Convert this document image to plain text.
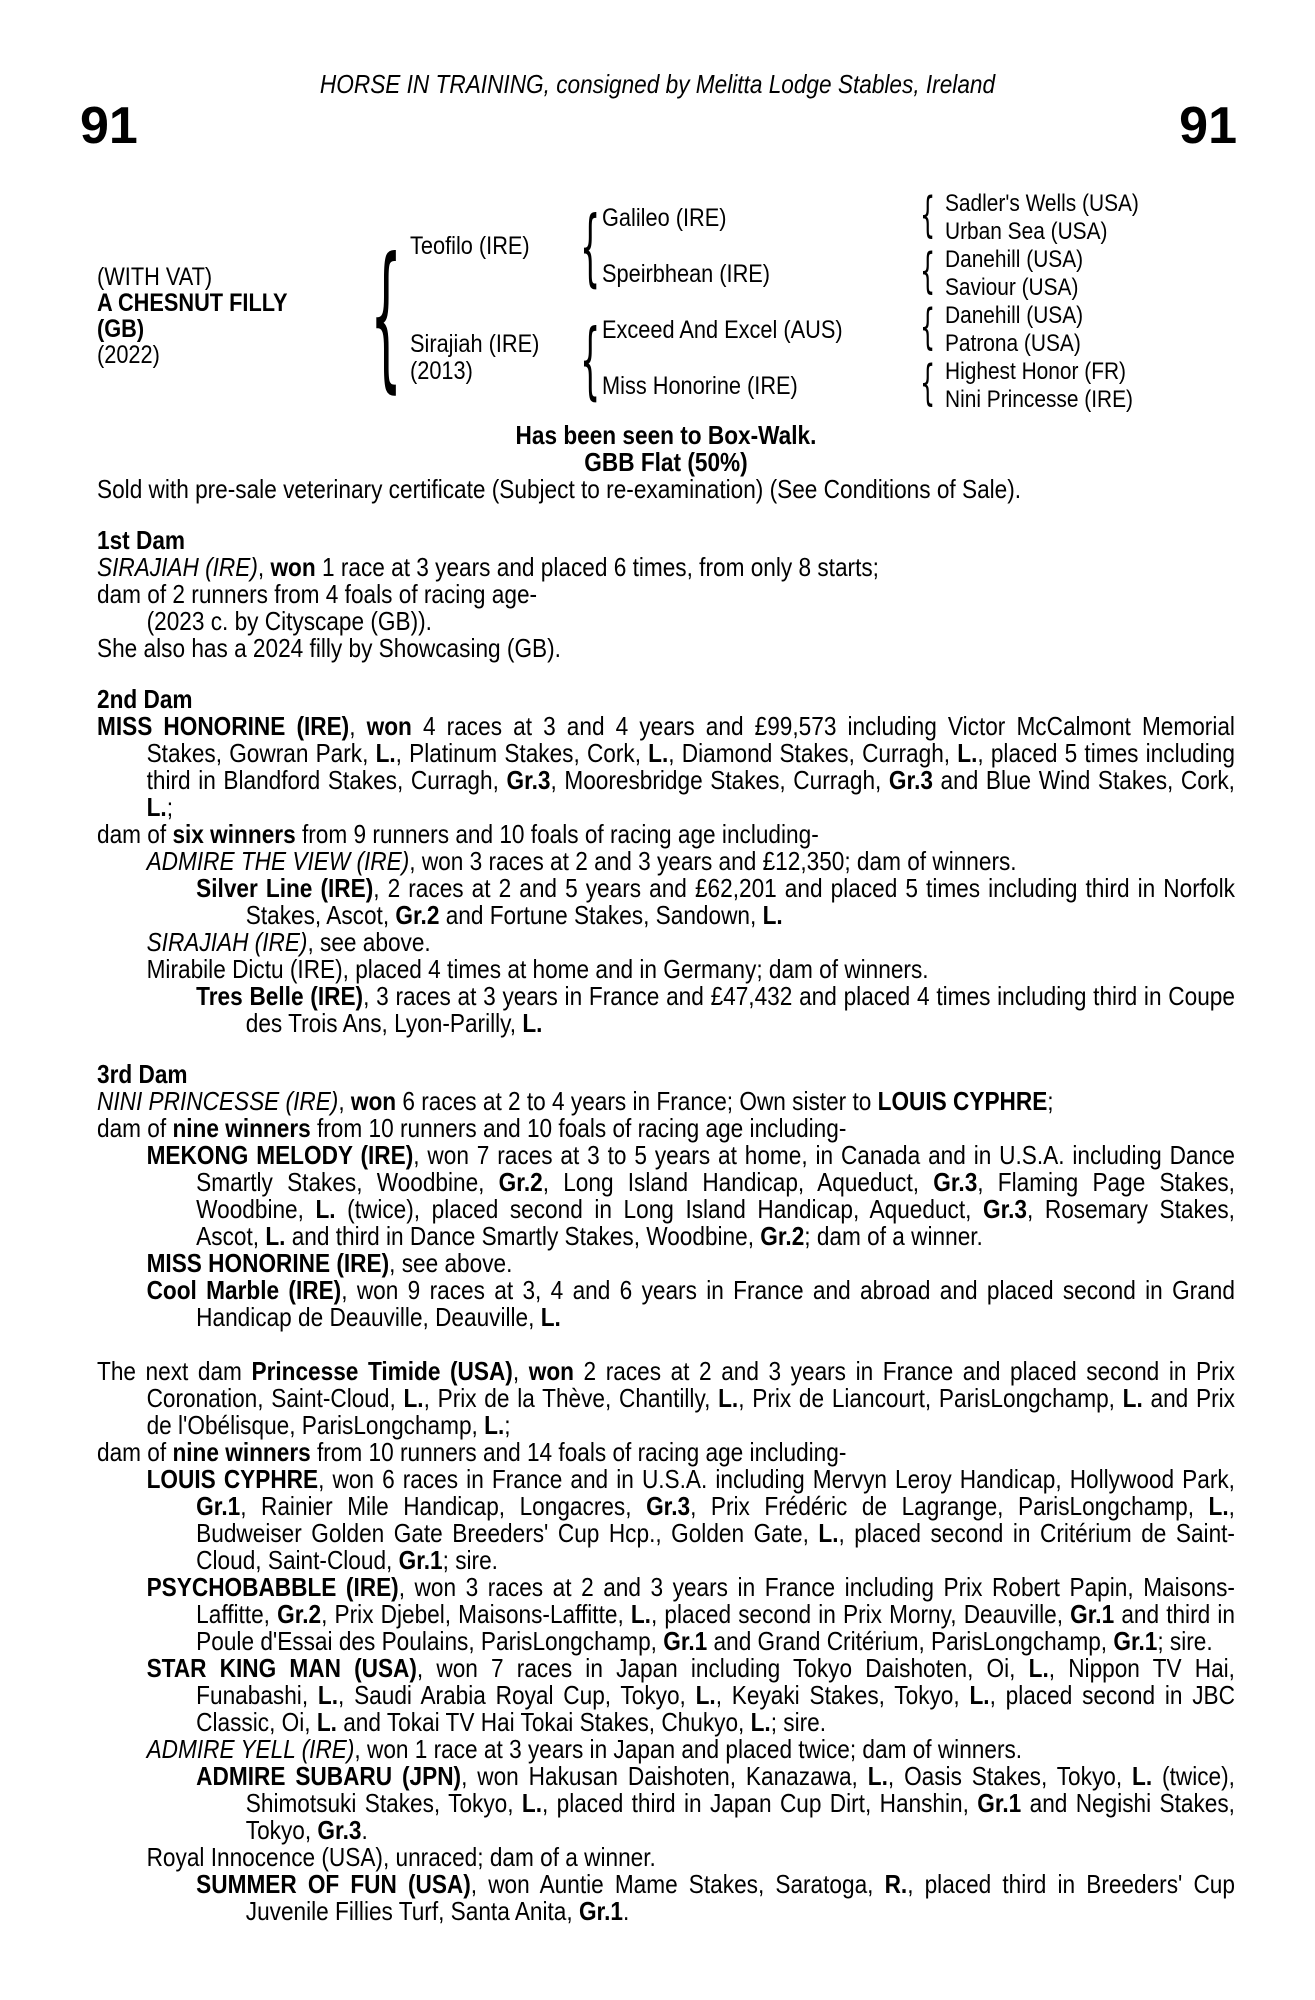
HORSE IN TRAINING, consigned by Melitta Lodge Stables, Ireland
91	91
(WITH VAT)
A CHESNUT FILLY
(GB)
(2022)
{
Teofilo (IRE)
Sirajiah (IRE)
(2013)
{
{
Galileo (IRE)
Speirbhean (IRE)
Exceed And Excel (AUS)
Miss Honorine (IRE)
{
{
{
{
Sadler's Wells (USA)
Urban Sea (USA)
Danehill (USA)
Saviour (USA)
Danehill (USA)
Patrona (USA)
Highest Honor (FR)
Nini Princesse (IRE)
Has been seen to Box-Walk.
GBB Flat (50%)
Sold with pre-sale veterinary certificate (Subject to re-examination) (See Conditions of Sale).
1st Dam
SIRAJIAH (IRE), won 1 race at 3 years and placed 6 times, from only 8 starts;
dam of 2 runners from 4 foals of racing age-
(2023 c. by Cityscape (GB)).
She also has a 2024 filly by Showcasing (GB).
2nd Dam
MISS HONORINE (IRE), won 4 races at 3 and 4 years and £99,573 including Victor McCalmont Memorial Stakes, Gowran Park, L., Platinum Stakes, Cork, L., Diamond Stakes, Curragh, L., placed 5 times including third in Blandford Stakes, Curragh, Gr.3, Mooresbridge Stakes, Curragh, Gr.3 and Blue Wind Stakes, Cork, L.;
dam of six winners from 9 runners and 10 foals of racing age including-
ADMIRE THE VIEW (IRE), won 3 races at 2 and 3 years and £12,350; dam of winners.
Silver Line (IRE), 2 races at 2 and 5 years and £62,201 and placed 5 times including third in Norfolk Stakes, Ascot, Gr.2 and Fortune Stakes, Sandown, L.
SIRAJIAH (IRE), see above.
Mirabile Dictu (IRE), placed 4 times at home and in Germany; dam of winners.
Tres Belle (IRE), 3 races at 3 years in France and £47,432 and placed 4 times including third in Coupe des Trois Ans, Lyon-Parilly, L.
3rd Dam
NINI PRINCESSE (IRE), won 6 races at 2 to 4 years in France; Own sister to LOUIS CYPHRE;
dam of nine winners from 10 runners and 10 foals of racing age including-
MEKONG MELODY (IRE), won 7 races at 3 to 5 years at home, in Canada and in U.S.A. including Dance Smartly Stakes, Woodbine, Gr.2, Long Island Handicap, Aqueduct, Gr.3, Flaming Page Stakes, Woodbine, L. (twice), placed second in Long Island Handicap, Aqueduct, Gr.3, Rosemary Stakes, Ascot, L. and third in Dance Smartly Stakes, Woodbine, Gr.2; dam of a winner.
MISS HONORINE (IRE), see above.
Cool Marble (IRE), won 9 races at 3, 4 and 6 years in France and abroad and placed second in Grand Handicap de Deauville, Deauville, L.
The next dam Princesse Timide (USA), won 2 races at 2 and 3 years in France and placed second in Prix Coronation, Saint-Cloud, L., Prix de la Thève, Chantilly, L., Prix de Liancourt, ParisLongchamp, L. and Prix de l'Obélisque, ParisLongchamp, L.;
dam of nine winners from 10 runners and 14 foals of racing age including-
LOUIS CYPHRE, won 6 races in France and in U.S.A. including Mervyn Leroy Handicap, Hollywood Park, Gr.1, Rainier Mile Handicap, Longacres, Gr.3, Prix Frédéric de Lagrange, ParisLongchamp, L., Budweiser Golden Gate Breeders' Cup Hcp., Golden Gate, L., placed second in Critérium de Saint-Cloud, Saint-Cloud, Gr.1; sire.
PSYCHOBABBLE (IRE), won 3 races at 2 and 3 years in France including Prix Robert Papin, Maisons-Laffitte, Gr.2, Prix Djebel, Maisons-Laffitte, L., placed second in Prix Morny, Deauville, Gr.1 and third in Poule d'Essai des Poulains, ParisLongchamp, Gr.1 and Grand Critérium, ParisLongchamp, Gr.1; sire.
STAR KING MAN (USA), won 7 races in Japan including Tokyo Daishoten, Oi, L., Nippon TV Hai, Funabashi, L., Saudi Arabia Royal Cup, Tokyo, L., Keyaki Stakes, Tokyo, L., placed second in JBC Classic, Oi, L. and Tokai TV Hai Tokai Stakes, Chukyo, L.; sire.
ADMIRE YELL (IRE), won 1 race at 3 years in Japan and placed twice; dam of winners.
ADMIRE SUBARU (JPN), won Hakusan Daishoten, Kanazawa, L., Oasis Stakes, Tokyo, L. (twice), Shimotsuki Stakes, Tokyo, L., placed third in Japan Cup Dirt, Hanshin, Gr.1 and Negishi Stakes, Tokyo, Gr.3.
Royal Innocence (USA), unraced; dam of a winner.
SUMMER OF FUN (USA), won Auntie Mame Stakes, Saratoga, R., placed third in Breeders' Cup Juvenile Fillies Turf, Santa Anita, Gr.1.
